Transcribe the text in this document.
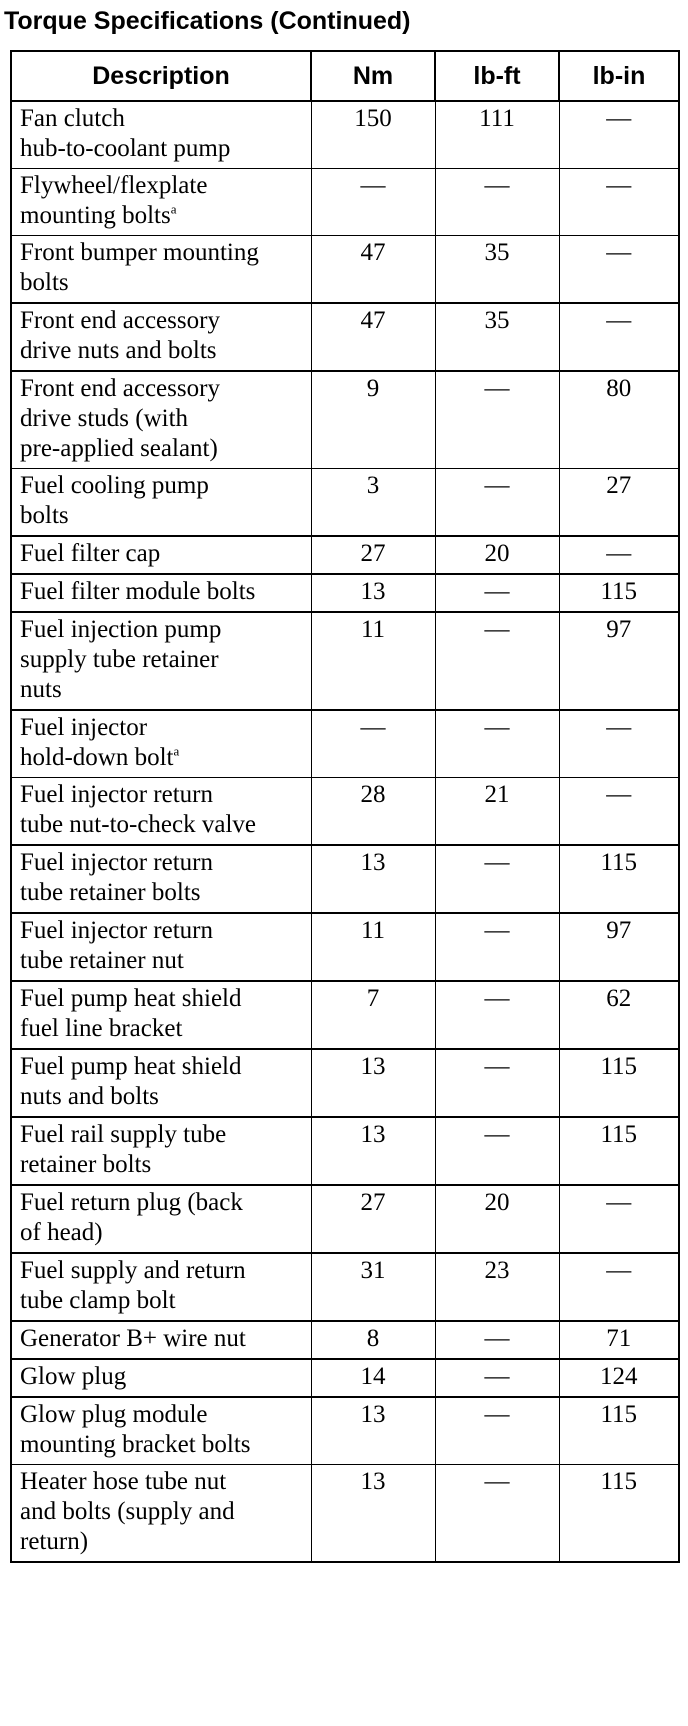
Torque Specifications (Continued)
Description	Nm	lb-ft	lb-in
Fan clutch
hub-to-coolant pump	150	111	—
Flywheel/flexplate
mounting bolts$^a$	—	—	—
Front bumper mounting
bolts	47	35	—
Front end accessory
drive nuts and bolts	47	35	—
Front end accessory
drive studs (with
pre-applied sealant)	9	—	80
Fuel cooling pump
bolts	3	—	27
Fuel filter cap	27	20	—
Fuel filter module bolts	13	—	115
Fuel injection pump
supply tube retainer
nuts	11	—	97
Fuel injector
hold-down bolt$^a$	—	—	—
Fuel injector return
tube nut-to-check valve	28	21	—
Fuel injector return
tube retainer bolts	13	—	115
Fuel injector return
tube retainer nut	11	—	97
Fuel pump heat shield
fuel line bracket	7	—	62
Fuel pump heat shield
nuts and bolts	13	—	115
Fuel rail supply tube
retainer bolts	13	—	115
Fuel return plug (back
of head)	27	20	—
Fuel supply and return
tube clamp bolt	31	23	—
Generator B+ wire nut	8	—	71
Glow plug	14	—	124
Glow plug module
mounting bracket bolts	13	—	115
Heater hose tube nut
and bolts (supply and
return)	13	—	115
